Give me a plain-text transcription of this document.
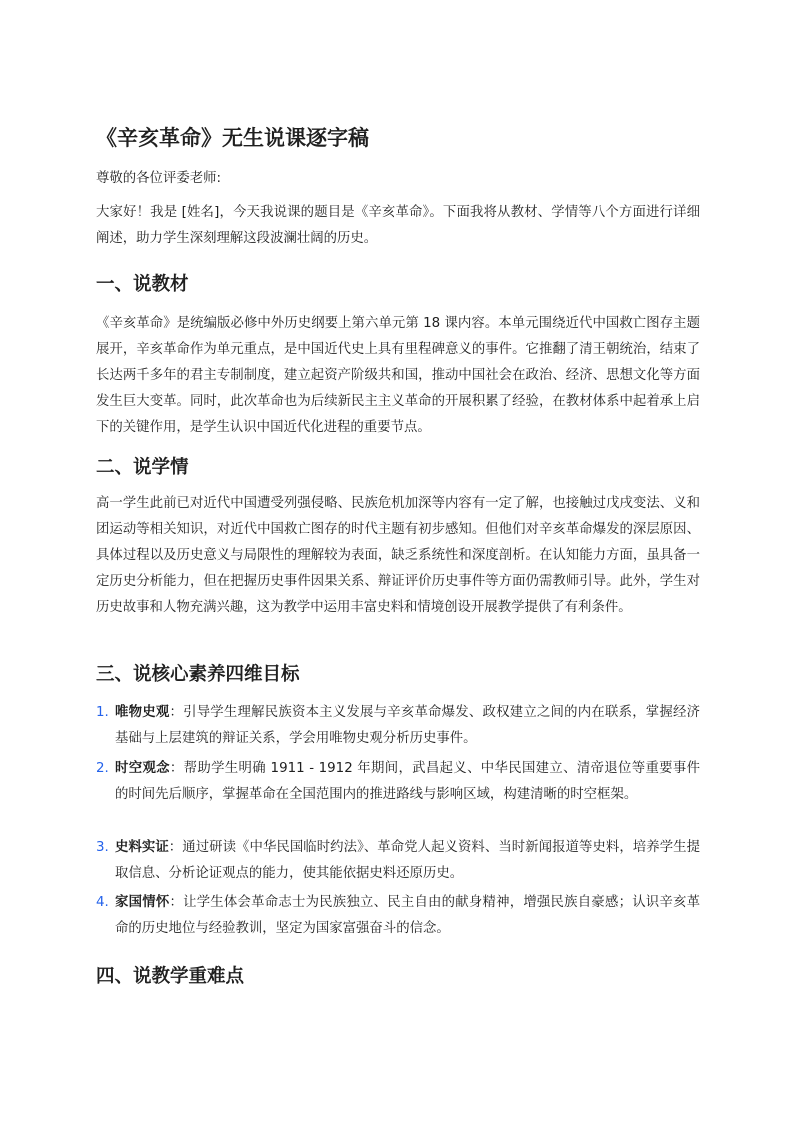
《辛亥革命》无生说课逐字稿

尊敬的各位评委老师:

大家好！我是 [姓名]，今天我说课的题目是《辛亥革命》。下面我将从教材、学情等八个方面进行详细阐述，助力学生深刻理解这段波澜壮阔的历史。

一、说教材

《辛亥革命》是统编版必修中外历史纲要上第六单元第 18 课内容。本单元围绕近代中国救亡图存主题展开，辛亥革命作为单元重点，是中国近代史上具有里程碑意义的事件。它推翻了清王朝统治，结束了长达两千多年的君主专制制度，建立起资产阶级共和国，推动中国社会在政治、经济、思想文化等方面发生巨大变革。同时，此次革命也为后续新民主主义革命的开展积累了经验，在教材体系中起着承上启下的关键作用，是学生认识中国近代化进程的重要节点。

二、说学情

高一学生此前已对近代中国遭受列强侵略、民族危机加深等内容有一定了解，也接触过戊戌变法、义和团运动等相关知识，对近代中国救亡图存的时代主题有初步感知。但他们对辛亥革命爆发的深层原因、具体过程以及历史意义与局限性的理解较为表面，缺乏系统性和深度剖析。在认知能力方面，虽具备一定历史分析能力，但在把握历史事件因果关系、辩证评价历史事件等方面仍需教师引导。此外，学生对历史故事和人物充满兴趣，这为教学中运用丰富史料和情境创设开展教学提供了有利条件。

三、说核心素养四维目标
1. 唯物史观：引导学生理解民族资本主义发展与辛亥革命爆发、政权建立之间的内在联系，掌握经济基础与上层建筑的辩证关系，学会用唯物史观分析历史事件。
2. 时空观念：帮助学生明确 1911 - 1912 年期间，武昌起义、中华民国建立、清帝退位等重要事件的时间先后顺序，掌握革命在全国范围内的推进路线与影响区域，构建清晰的时空框架。
3. 史料实证：通过研读《中华民国临时约法》、革命党人起义资料、当时新闻报道等史料，培养学生提取信息、分析论证观点的能力，使其能依据史料还原历史。
4. 家国情怀：让学生体会革命志士为民族独立、民主自由的献身精神，增强民族自豪感；认识辛亥革命的历史地位与经验教训，坚定为国家富强奋斗的信念。
四、说教学重难点
